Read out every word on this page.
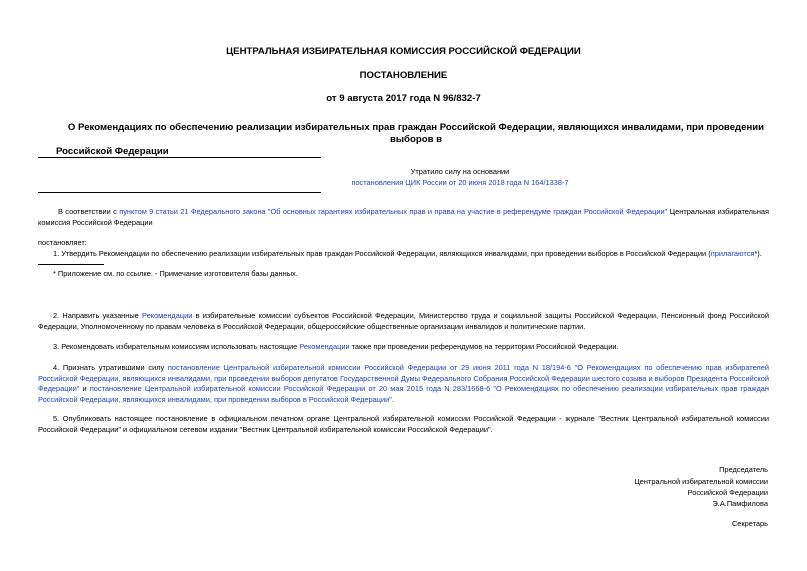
ЦЕНТРАЛЬНАЯ ИЗБИРАТЕЛЬНАЯ КОМИССИЯ РОССИЙСКОЙ ФЕДЕРАЦИИ
ПОСТАНОВЛЕНИЕ
от 9 августа 2017 года N 96/832-7
О Рекомендациях по обеспечению реализации избирательных прав граждан Российской Федерации, являющихся инвалидами, при проведении выборов в
Российской Федерации
Утратило силу на основании
постановления ЦИК России от 20 июня 2018 года N 164/1338-7
В соответствии с пунктом 9 статьи 21 Федерального закона "Об основных гарантиях избирательных прав и права на участие в референдуме граждан Российской Федерации" Центральная избирательная комиссия Российской Федерации
постановляет:
1. Утвердить Рекомендации по обеспечению реализации избирательных прав граждан Российской Федерации, являющихся инвалидами, при проведении выборов в Российской Федерации (прилагаются*).
* Приложение см. по ссылке. - Примечание изготовителя базы данных.
2. Направить указанные Рекомендации в избирательные комиссии субъектов Российской Федерации, Министерство труда и социальной защиты Российской Федерации, Пенсионный фонд Российской Федерации, Уполномоченному по правам человека в Российской Федерации, общероссийские общественные организации инвалидов и политические партии.
3. Рекомендовать избирательным комиссиям использовать настоящие Рекомендации также при проведении референдумов на территории Российской Федерации.
4. Признать утратившими силу постановление Центральной избирательной комиссии Российской Федерации от 29 июня 2011 года N 18/194-6 "О Рекомендациях по обеспечению прав избирателей Российской Федерации, являющихся инвалидами, при проведении выборов депутатов Государственной Думы Федерального Собрания Российской Федерации шестого созыва и выборов Президента Российской Федерации" и постановление Центральной избирательной комиссии Российской Федерации от 20 мая 2015 года N 283/1668-6 "О Рекомендациях по обеспечению реализации избирательных прав граждан Российской Федерации, являющихся инвалидами, при проведении выборов в Российской Федерации".
5. Опубликовать настоящее постановление в официальном печатном органе Центральной избирательной комиссии Российской Федерации - журнале "Вестник Центральной избирательной комиссии Российской Федерации" и официальном сетевом издании "Вестник Центральной избирательной комиссии Российской Федерации".
Председатель
Центральной избирательной комиссии
Российской Федерации
Э.А.Памфилова
Секретарь
